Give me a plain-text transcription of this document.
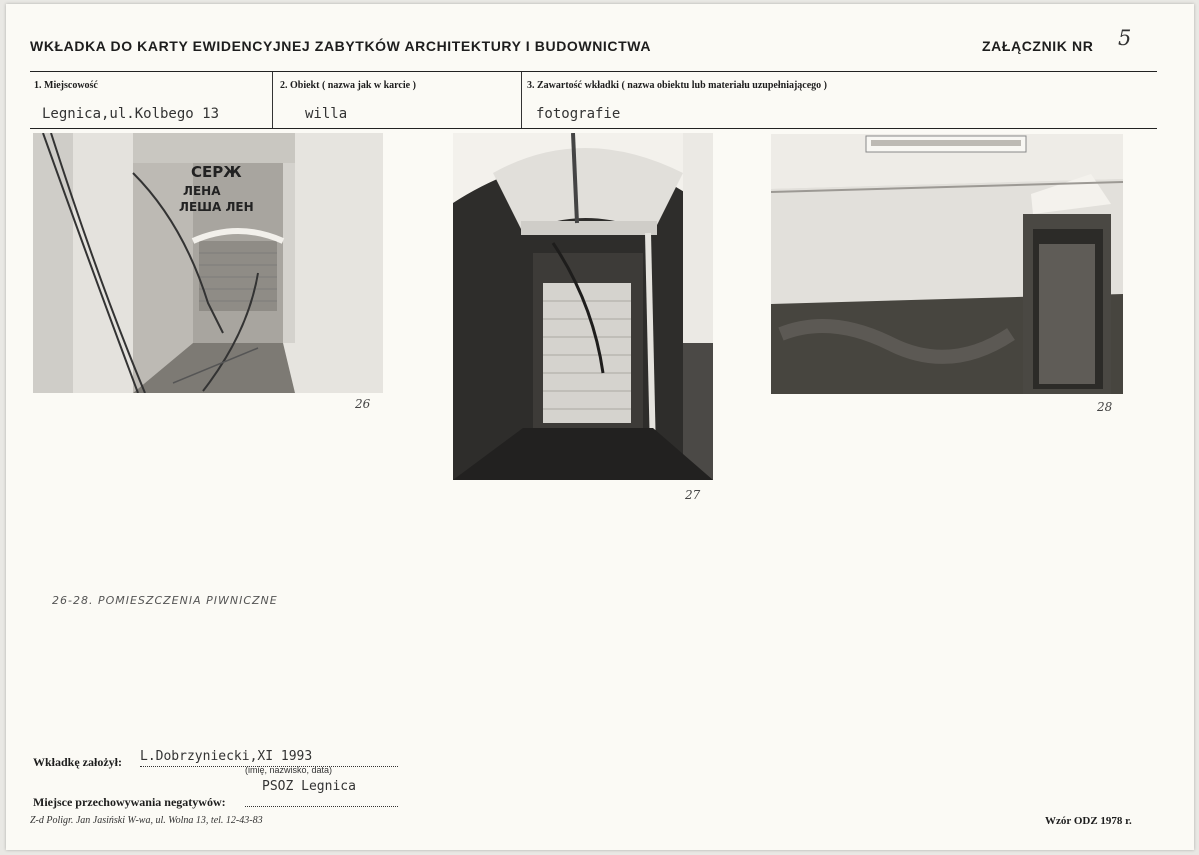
WKŁADKA DO KARTY EWIDENCYJNEJ ZABYTKÓW ARCHITEKTURY I BUDOWNICTWA	ZAŁĄCZNIK NR 5
1. Miejscowość	2. Obiekt ( nazwa jak w karcie )	3. Zawartość wkładki ( nazwa obiektu lub materiału uzupełniającego )
Legnica,ul.Kolbego 13	willa	fotografie
СЕРЖ
ЛЕНА
ЛЕША ЛЕН
26
27
28
26-28. POMIESZCZENIA PIWNICZNE
Wkładkę założył: L.Dobrzyniecki,XI 1993
(imię, nazwisko, data)
Miejsce przechowywania negatywów:
PSOZ Legnica
Z-d Poligr. Jan Jasiński W-wa, ul. Wolna 13, tel. 12-43-83	Wzór ODZ 1978 r.
